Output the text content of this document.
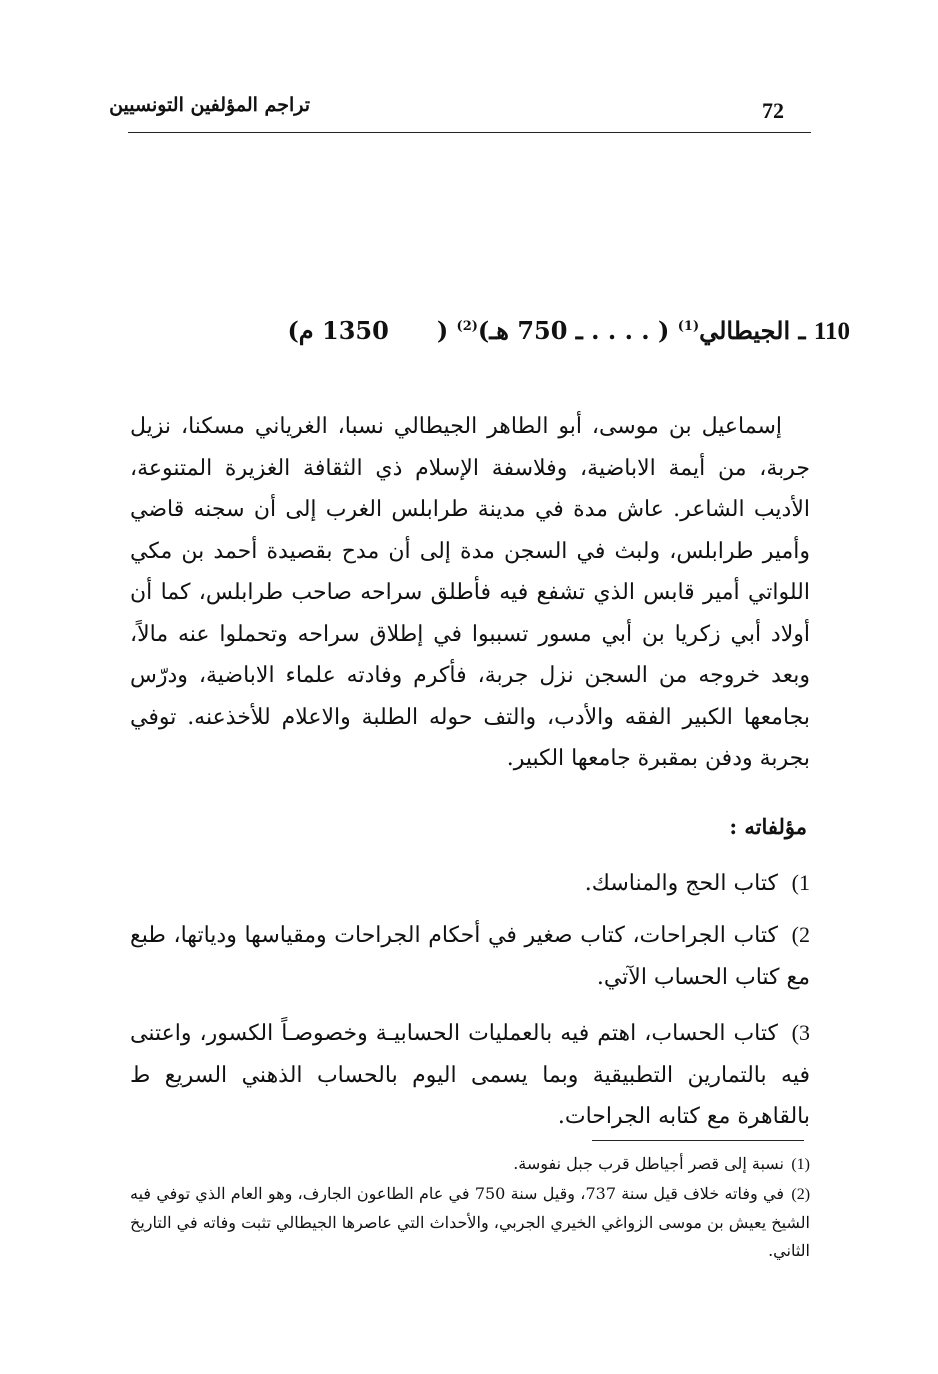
تراجم المؤلفين التونسيين	72
110 ـ الجيطالي$^{(1)}$ ( . . . . ـ 750 هـ)$^{(2)}$ (1350 م)
إسماعيل بن موسى، أبو الطاهر الجيطالي نسبا، الغرياني مسكنا، نزيل جربة، من أيمة الاباضية، وفلاسفة الإسلام ذي الثقافة الغزيرة المتنوعة، الأديب الشاعر. عاش مدة في مدينة طرابلس الغرب إلى أن سجنه قاضي وأمير طرابلس، ولبث في السجن مدة إلى أن مدح بقصيدة أحمد بن مكي اللواتي أمير قابس الذي تشفع فيه فأطلق سراحه صاحب طرابلس، كما أن أولاد أبي زكريا بن أبي مسور تسببوا في إطلاق سراحه وتحملوا عنه مالاً، وبعد خروجه من السجن نزل جربة، فأكرم وفادته علماء الاباضية، ودرّس بجامعها الكبير الفقه والأدب، والتف حوله الطلبة والاعلام للأخذعنه. توفي بجربة ودفن بمقبرة جامعها الكبير.
مؤلفاته :
1)كتاب الحج والمناسك.
2)كتاب الجراحات، كتاب صغير في أحكام الجراحات ومقياسها ودياتها، طبع مع كتاب الحساب الآتي.
3)كتاب الحساب، اهتم فيه بالعمليات الحسابيـة وخصوصـاً الكسور، واعتنى فيه بالتمارين التطبيقية وبما يسمى اليوم بالحساب الذهني السريع ط بالقاهرة مع كتابه الجراحات.
(1)نسبة إلى قصر أجياطل قرب جبل نفوسة.
(2)في وفاته خلاف قيل سنة 737، وقيل سنة 750 في عام الطاعون الجارف، وهو العام الذي توفي فيه الشيخ يعيش بن موسى الزواغي الخيري الجربي، والأحداث التي عاصرها الجيطالي تثبت وفاته في التاريخ الثاني.
